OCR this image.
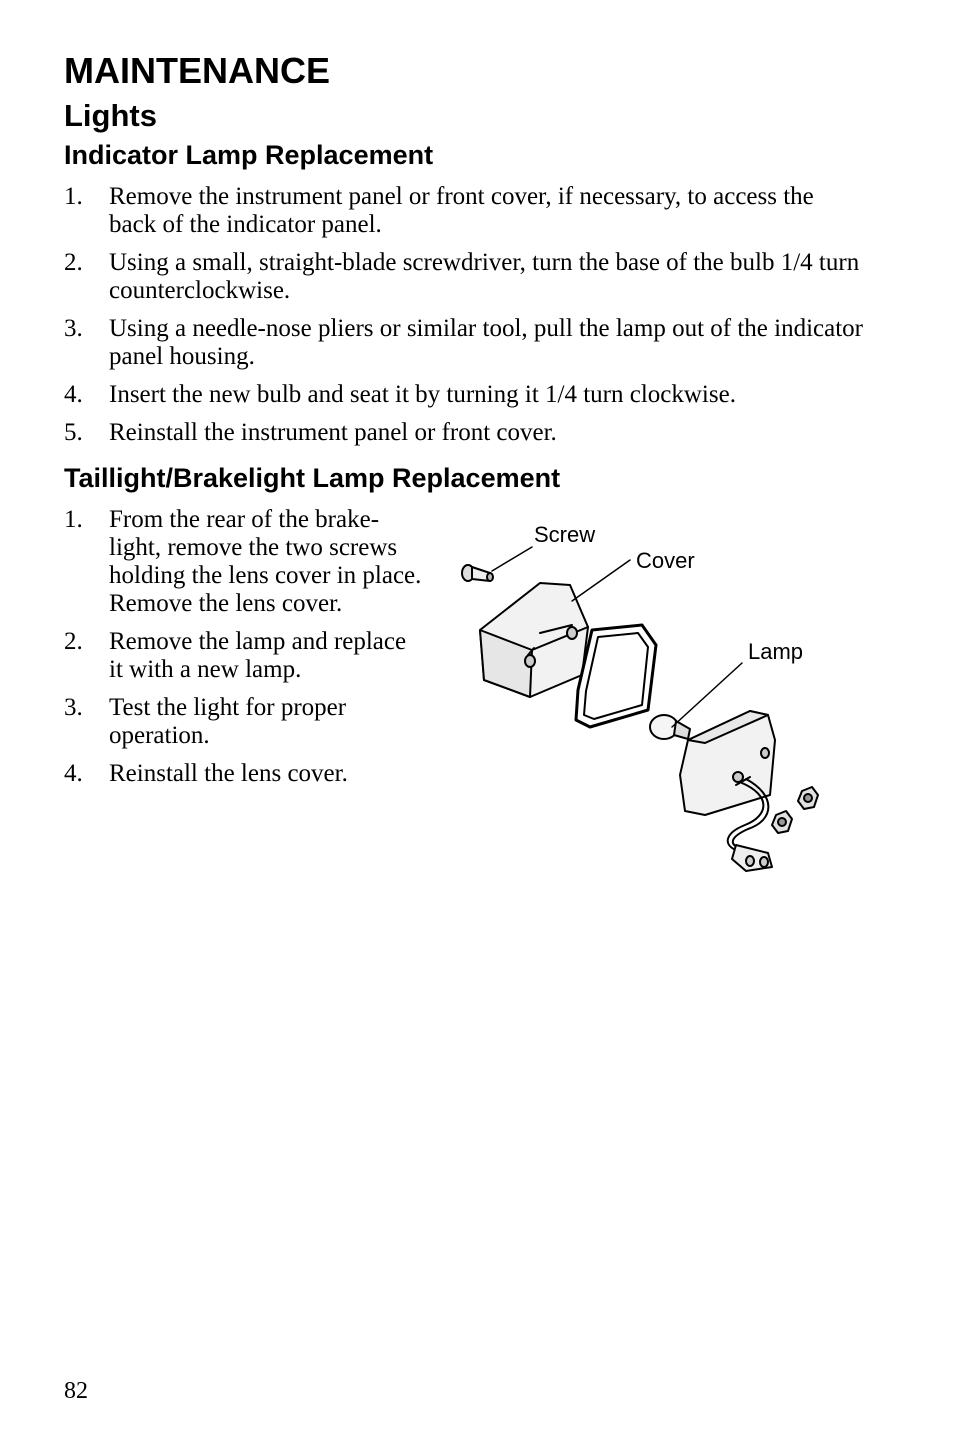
MAINTENANCE
Lights
Indicator Lamp Replacement
1. Remove the instrument panel or front cover, if necessary, to access the back of the indicator panel.
2. Using a small, straight-blade screwdriver, turn the base of the bulb 1/4 turn counterclockwise.
3. Using a needle-nose pliers or similar tool, pull the lamp out of the indicator panel housing.
4. Insert the new bulb and seat it by turning it 1/4 turn clockwise.
5. Reinstall the instrument panel or front cover.
Taillight/Brakelight Lamp Replacement
1. From the rear of the brake-light, remove the two screws holding the lens cover in place. Remove the lens cover.
2. Remove the lamp and replace it with a new lamp.
3. Test the light for proper operation.
4. Reinstall the lens cover.
Screw
Cover
Lamp
82
